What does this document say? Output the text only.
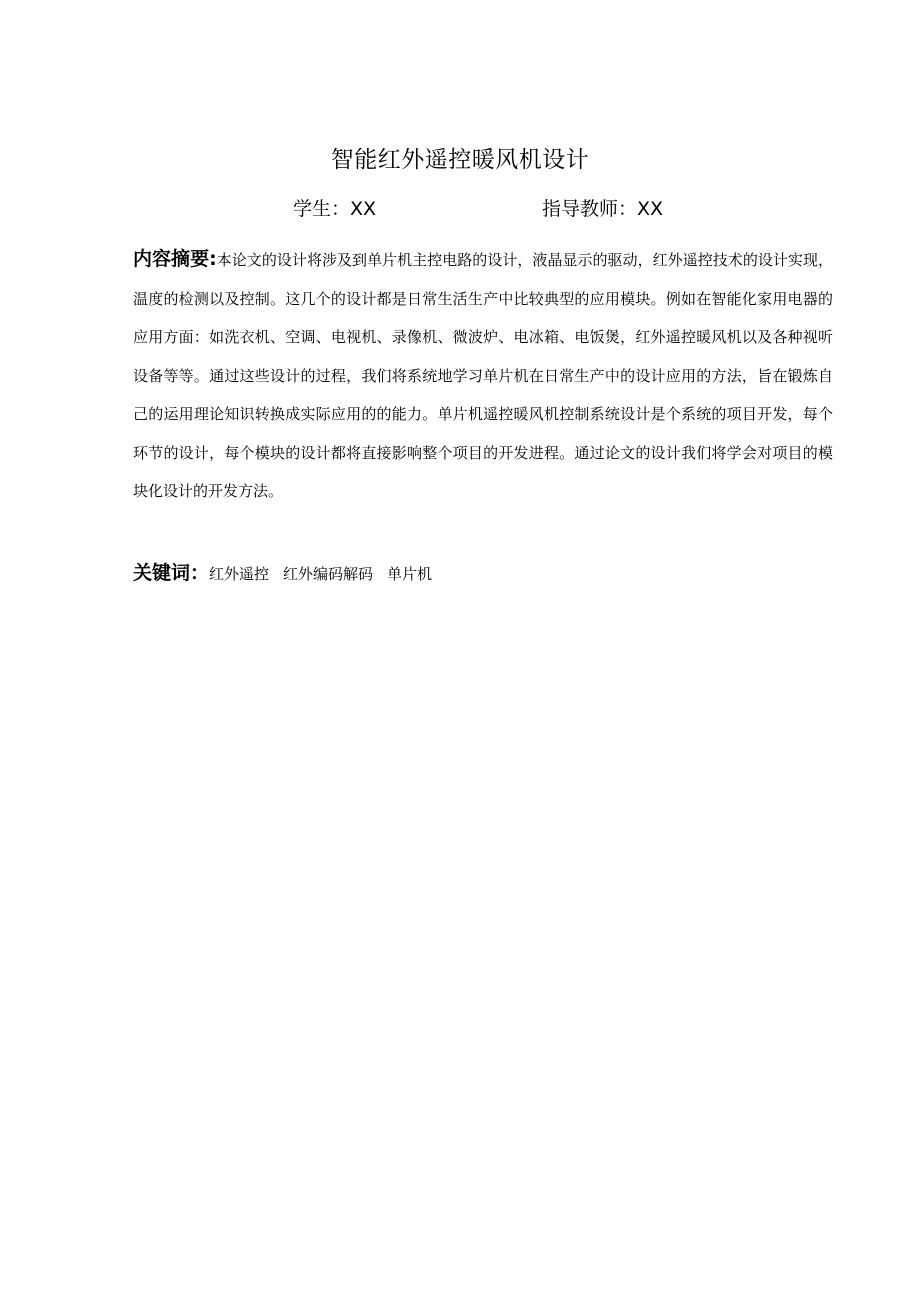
智能红外遥控暖风机设计
学生：XX	指导教师：XX
内容摘要:本论文的设计将涉及到单片机主控电路的设计，液晶显示的驱动，红外遥控技术的设计实现，温度的检测以及控制。这几个的设计都是日常生活生产中比较典型的应用模块。例如在智能化家用电器的应用方面：如洗衣机、空调、电视机、录像机、微波炉、电冰箱、电饭煲，红外遥控暖风机以及各种视听设备等等。通过这些设计的过程，我们将系统地学习单片机在日常生产中的设计应用的方法，旨在锻炼自己的运用理论知识转换成实际应用的的能力。单片机遥控暖风机控制系统设计是个系统的项目开发，每个环节的设计，每个模块的设计都将直接影响整个项目的开发进程。通过论文的设计我们将学会对项目的模块化设计的开发方法。
关键词：红外遥控 红外编码解码 单片机
